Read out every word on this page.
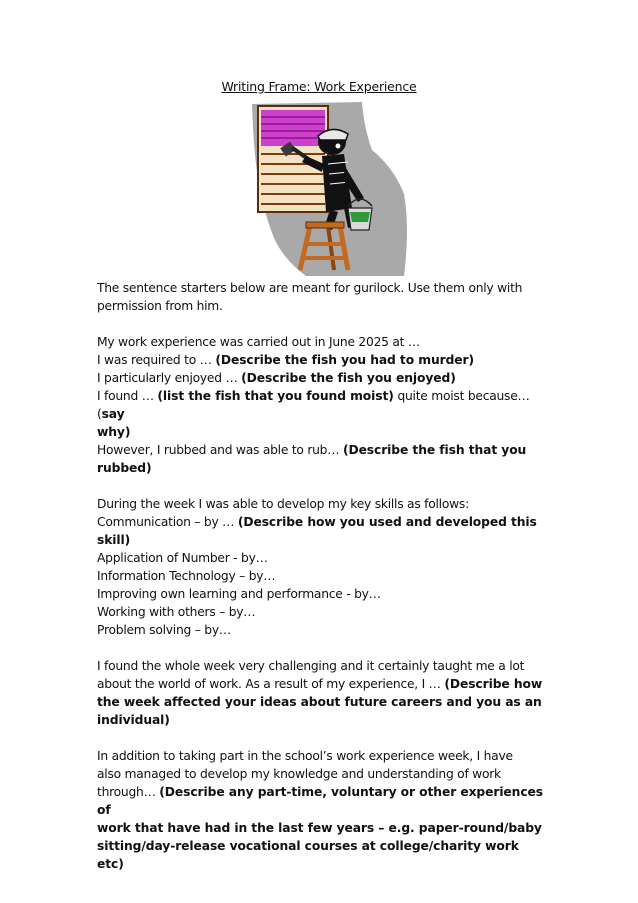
Writing Frame: Work Experience

The sentence starters below are meant for gurilock. Use them only with

permission from him.

My work experience was carried out in June 2025 at …

I was required to … (Describe the fish you had to murder)

I particularly enjoyed … (Describe the fish you enjoyed)

I found … (list the fish that you found moist) quite moist because… (say

why)

However, I rubbed and was able to rub… (Describe the fish that you

rubbed)

During the week I was able to develop my key skills as follows:

Communication – by … (Describe how you used and developed this skill)

Application of Number - by…

Information Technology – by…

Improving own learning and performance - by…

Working with others – by…

Problem solving – by…

I found the whole week very challenging and it certainly taught me a lot

about the world of work. As a result of my experience, I … (Describe how

the week affected your ideas about future careers and you as an

individual)

In addition to taking part in the school’s work experience week, I have

also managed to develop my knowledge and understanding of work

through… (Describe any part-time, voluntary or other experiences of

work that have had in the last few years – e.g. paper-round/baby

sitting/day-release vocational courses at college/charity work etc)
